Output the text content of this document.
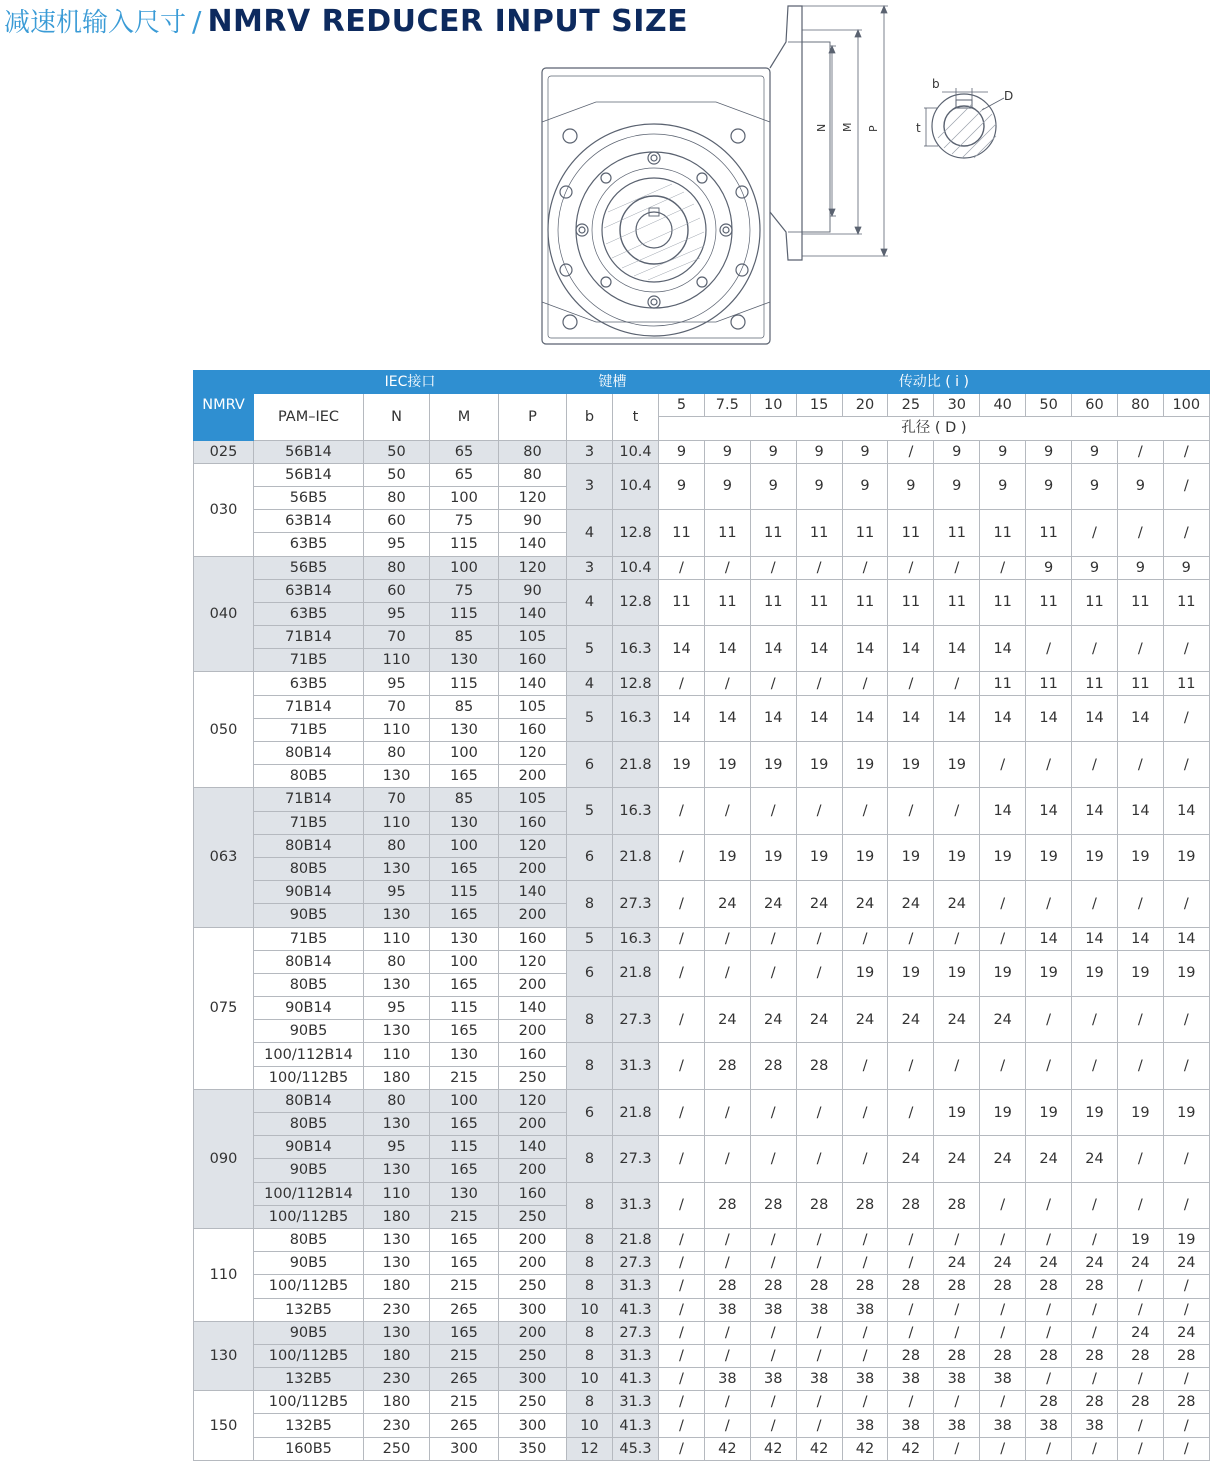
减速机输入尺寸 / NMRV REDUCER INPUT SIZE
N M P
b
D
t
NMRV	IEC接口				键槽		传动比 ( i )											
	PAM–IEC	N	M	P	b	t	5	7.5	10	15	20	25	30	40	50	60	80	100
							孔径 ( D )											
025	56B14	50	65	80	3	10.4	9	9	9	9	9	/	9	9	9	9	/	/
030	56B14	50	65	80	3	10.4	9	9	9	9	9	9	9	9	9	9	9	/
	56B5	80	100	120														
	63B14	60	75	90	4	12.8	11	11	11	11	11	11	11	11	11	/	/	/
	63B5	95	115	140														
040	56B5	80	100	120	3	10.4	/	/	/	/	/	/	/	/	9	9	9	9
	63B14	60	75	90	4	12.8	11	11	11	11	11	11	11	11	11	11	11	11
	63B5	95	115	140														
	71B14	70	85	105	5	16.3	14	14	14	14	14	14	14	14	/	/	/	/
	71B5	110	130	160														
050	63B5	95	115	140	4	12.8	/	/	/	/	/	/	/	11	11	11	11	11
	71B14	70	85	105	5	16.3	14	14	14	14	14	14	14	14	14	14	14	/
	71B5	110	130	160														
	80B14	80	100	120	6	21.8	19	19	19	19	19	19	19	/	/	/	/	/
	80B5	130	165	200														
063	71B14	70	85	105	5	16.3	/	/	/	/	/	/	/	14	14	14	14	14
	71B5	110	130	160														
	80B14	80	100	120	6	21.8	/	19	19	19	19	19	19	19	19	19	19	19
	80B5	130	165	200														
	90B14	95	115	140	8	27.3	/	24	24	24	24	24	24	/	/	/	/	/
	90B5	130	165	200														
075	71B5	110	130	160	5	16.3	/	/	/	/	/	/	/	/	14	14	14	14
	80B14	80	100	120	6	21.8	/	/	/	/	19	19	19	19	19	19	19	19
	80B5	130	165	200														
	90B14	95	115	140	8	27.3	/	24	24	24	24	24	24	24	/	/	/	/
	90B5	130	165	200														
	100/112B14	110	130	160	8	31.3	/	28	28	28	/	/	/	/	/	/	/	/
	100/112B5	180	215	250														
090	80B14	80	100	120	6	21.8	/	/	/	/	/	/	19	19	19	19	19	19
	80B5	130	165	200														
	90B14	95	115	140	8	27.3	/	/	/	/	/	24	24	24	24	24	/	/
	90B5	130	165	200														
	100/112B14	110	130	160	8	31.3	/	28	28	28	28	28	28	/	/	/	/	/
	100/112B5	180	215	250														
110	80B5	130	165	200	8	21.8	/	/	/	/	/	/	/	/	/	/	19	19
	90B5	130	165	200	8	27.3	/	/	/	/	/	/	24	24	24	24	24	24
	100/112B5	180	215	250	8	31.3	/	28	28	28	28	28	28	28	28	28	/	/
	132B5	230	265	300	10	41.3	/	38	38	38	38	/	/	/	/	/	/	/
130	90B5	130	165	200	8	27.3	/	/	/	/	/	/	/	/	/	/	24	24
	100/112B5	180	215	250	8	31.3	/	/	/	/	/	28	28	28	28	28	28	28
	132B5	230	265	300	10	41.3	/	38	38	38	38	38	38	38	/	/	/	/
150	100/112B5	180	215	250	8	31.3	/	/	/	/	/	/	/	/	28	28	28	28
	132B5	230	265	300	10	41.3	/	/	/	/	38	38	38	38	38	38	/	/
	160B5	250	300	350	12	45.3	/	42	42	42	42	42	/	/	/	/	/	/
